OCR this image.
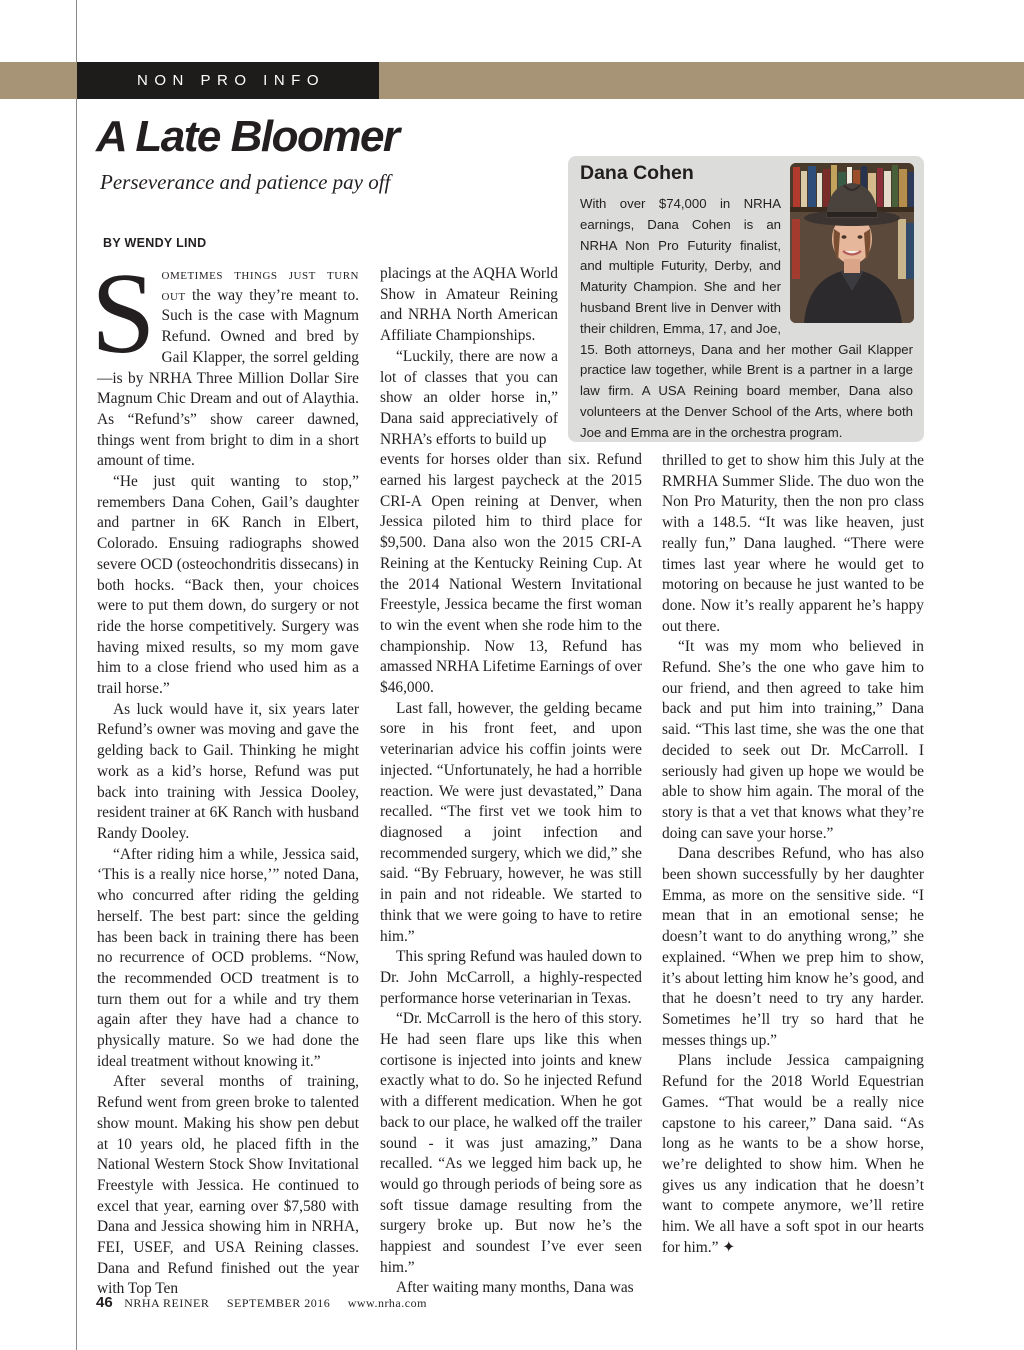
NON PRO INFO
A Late Bloomer

Perseverance and patience pay off

BY WENDY LIND

Sometimes things just turn out the way they’re meant to. Such is the case with Magnum Refund. Owned and bred by Gail Klapper, the sorrel gelding—is by NRHA Three Million Dollar Sire Magnum Chic Dream and out of Alaythia. As “Refund’s” show career dawned, things went from bright to dim in a short amount of time.

“He just quit wanting to stop,” remembers Dana Cohen, Gail’s daughter and partner in 6K Ranch in Elbert, Colorado. Ensuing radiographs showed severe OCD (osteochondritis dissecans) in both hocks. “Back then, your choices were to put them down, do surgery or not ride the horse competitively. Surgery was having mixed results, so my mom gave him to a close friend who used him as a trail horse.”

As luck would have it, six years later Refund’s owner was moving and gave the gelding back to Gail. Thinking he might work as a kid’s horse, Refund was put back into training with Jessica Dooley, resident trainer at 6K Ranch with husband Randy Dooley.

“After riding him a while, Jessica said, ‘This is a really nice horse,’” noted Dana, who concurred after riding the gelding herself. The best part: since the gelding has been back in training there has been no recurrence of OCD problems. “Now, the recommended OCD treatment is to turn them out for a while and try them again after they have had a chance to physically mature. So we had done the ideal treatment without knowing it.”

After several months of training, Refund went from green broke to talented show mount. Making his show pen debut at 10 years old, he placed fifth in the National Western Stock Show Invitational Freestyle with Jessica. He continued to excel that year, earning over $7,580 with Dana and Jessica showing him in NRHA, FEI, USEF, and USA Reining classes. Dana and Refund finished out the year with Top Ten

placings at the AQHA World Show in Amateur Reining and NRHA North American Affiliate Championships.

“Luckily, there are now a lot of classes that you can show an older horse in,” Dana said appreciatively of NRHA’s efforts to build up

events for horses older than six. Refund earned his largest paycheck at the 2015 CRI-A Open reining at Denver, when Jessica piloted him to third place for $9,500. Dana also won the 2015 CRI-A Reining at the Kentucky Reining Cup. At the 2014 National Western Invitational Freestyle, Jessica became the first woman to win the event when she rode him to the championship. Now 13, Refund has amassed NRHA Lifetime Earnings of over $46,000.

Last fall, however, the gelding became sore in his front feet, and upon veterinarian advice his coffin joints were injected. “Unfortunately, he had a horrible reaction. We were just devastated,” Dana recalled. “The first vet we took him to diagnosed a joint infection and recommended surgery, which we did,” she said. “By February, however, he was still in pain and not rideable. We started to think that we were going to have to retire him.”

This spring Refund was hauled down to Dr. John McCarroll, a highly-respected performance horse veterinarian in Texas.

“Dr. McCarroll is the hero of this story. He had seen flare ups like this when cortisone is injected into joints and knew exactly what to do. So he injected Refund with a different medication. When he got back to our place, he walked off the trailer sound - it was just amazing,” Dana recalled. “As we legged him back up, he would go through periods of being sore as soft tissue damage resulting from the surgery broke up. But now he’s the happiest and soundest I’ve ever seen him.”

After waiting many months, Dana was

thrilled to get to show him this July at the RMRHA Summer Slide. The duo won the Non Pro Maturity, then the non pro class with a 148.5. “It was like heaven, just really fun,” Dana laughed. “There were times last year where he would get to motoring on because he just wanted to be done. Now it’s really apparent he’s happy out there.

“It was my mom who believed in Refund. She’s the one who gave him to our friend, and then agreed to take him back and put him into training,” Dana said. “This last time, she was the one that decided to seek out Dr. McCarroll. I seriously had given up hope we would be able to show him again. The moral of the story is that a vet that knows what they’re doing can save your horse.”

Dana describes Refund, who has also been shown successfully by her daughter Emma, as more on the sensitive side. “I mean that in an emotional sense; he doesn’t want to do anything wrong,” she explained. “When we prep him to show, it’s about letting him know he’s good, and that he doesn’t need to try any harder. Sometimes he’ll try so hard that he messes things up.”

Plans include Jessica campaigning Refund for the 2018 World Equestrian Games. “That would be a really nice capstone to his career,” Dana said. “As long as he wants to be a show horse, we’re delighted to show him. When he gives us any indication that he doesn’t want to compete anymore, we’ll retire him. We all have a soft spot in our hearts for him.” ✦

Dana Cohen
With over $74,000 in NRHA earnings, Dana Cohen is an NRHA Non Pro Futurity finalist, and multiple Futurity, Derby, and Maturity Champion. She and her husband Brent live in Denver with their children, Emma, 17, and Joe, 15. Both attorneys, Dana and her mother Gail Klapper practice law together, while Brent is a partner in a large law firm. A USA Reining board member, Dana also volunteers at the Denver School of the Arts, where both Joe and Emma are in the orchestra program.
46 NRHA REINER SEPTEMBER 2016 www.nrha.com
